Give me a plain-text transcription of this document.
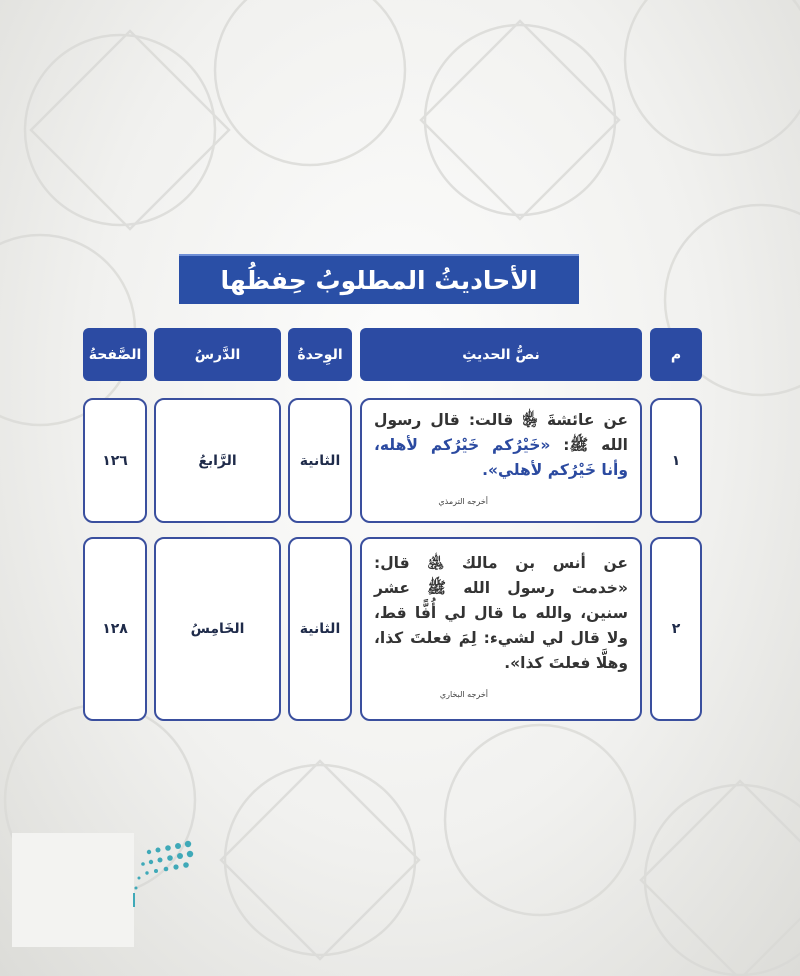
الأحاديثُ المطلوبُ حِفظُها
م
نصُّ الحديثِ
الوِحدةُ
الدَّرسُ
الصَّفحةُ
١
عن عائشةَ ﵂ قالت: قال رسول الله ﷺ: «خَيْرُكم خَيْرُكم لأهله، وأنا خَيْرُكم لأهلي».
أخرجه الترمذي
الثانية
الرَّابعُ
١٢٦
٢
عن أنس بن مالك ﵁ قال: «خدمت رسول الله ﷺ عشر سنين، والله ما قال لي أُفًّا قط، ولا قال لي لشيء: لِمَ فعلتَ كذا، وهلَّا فعلتَ كذا».
أخرجه البخاري
الثانية
الخَامِسُ
١٢٨
